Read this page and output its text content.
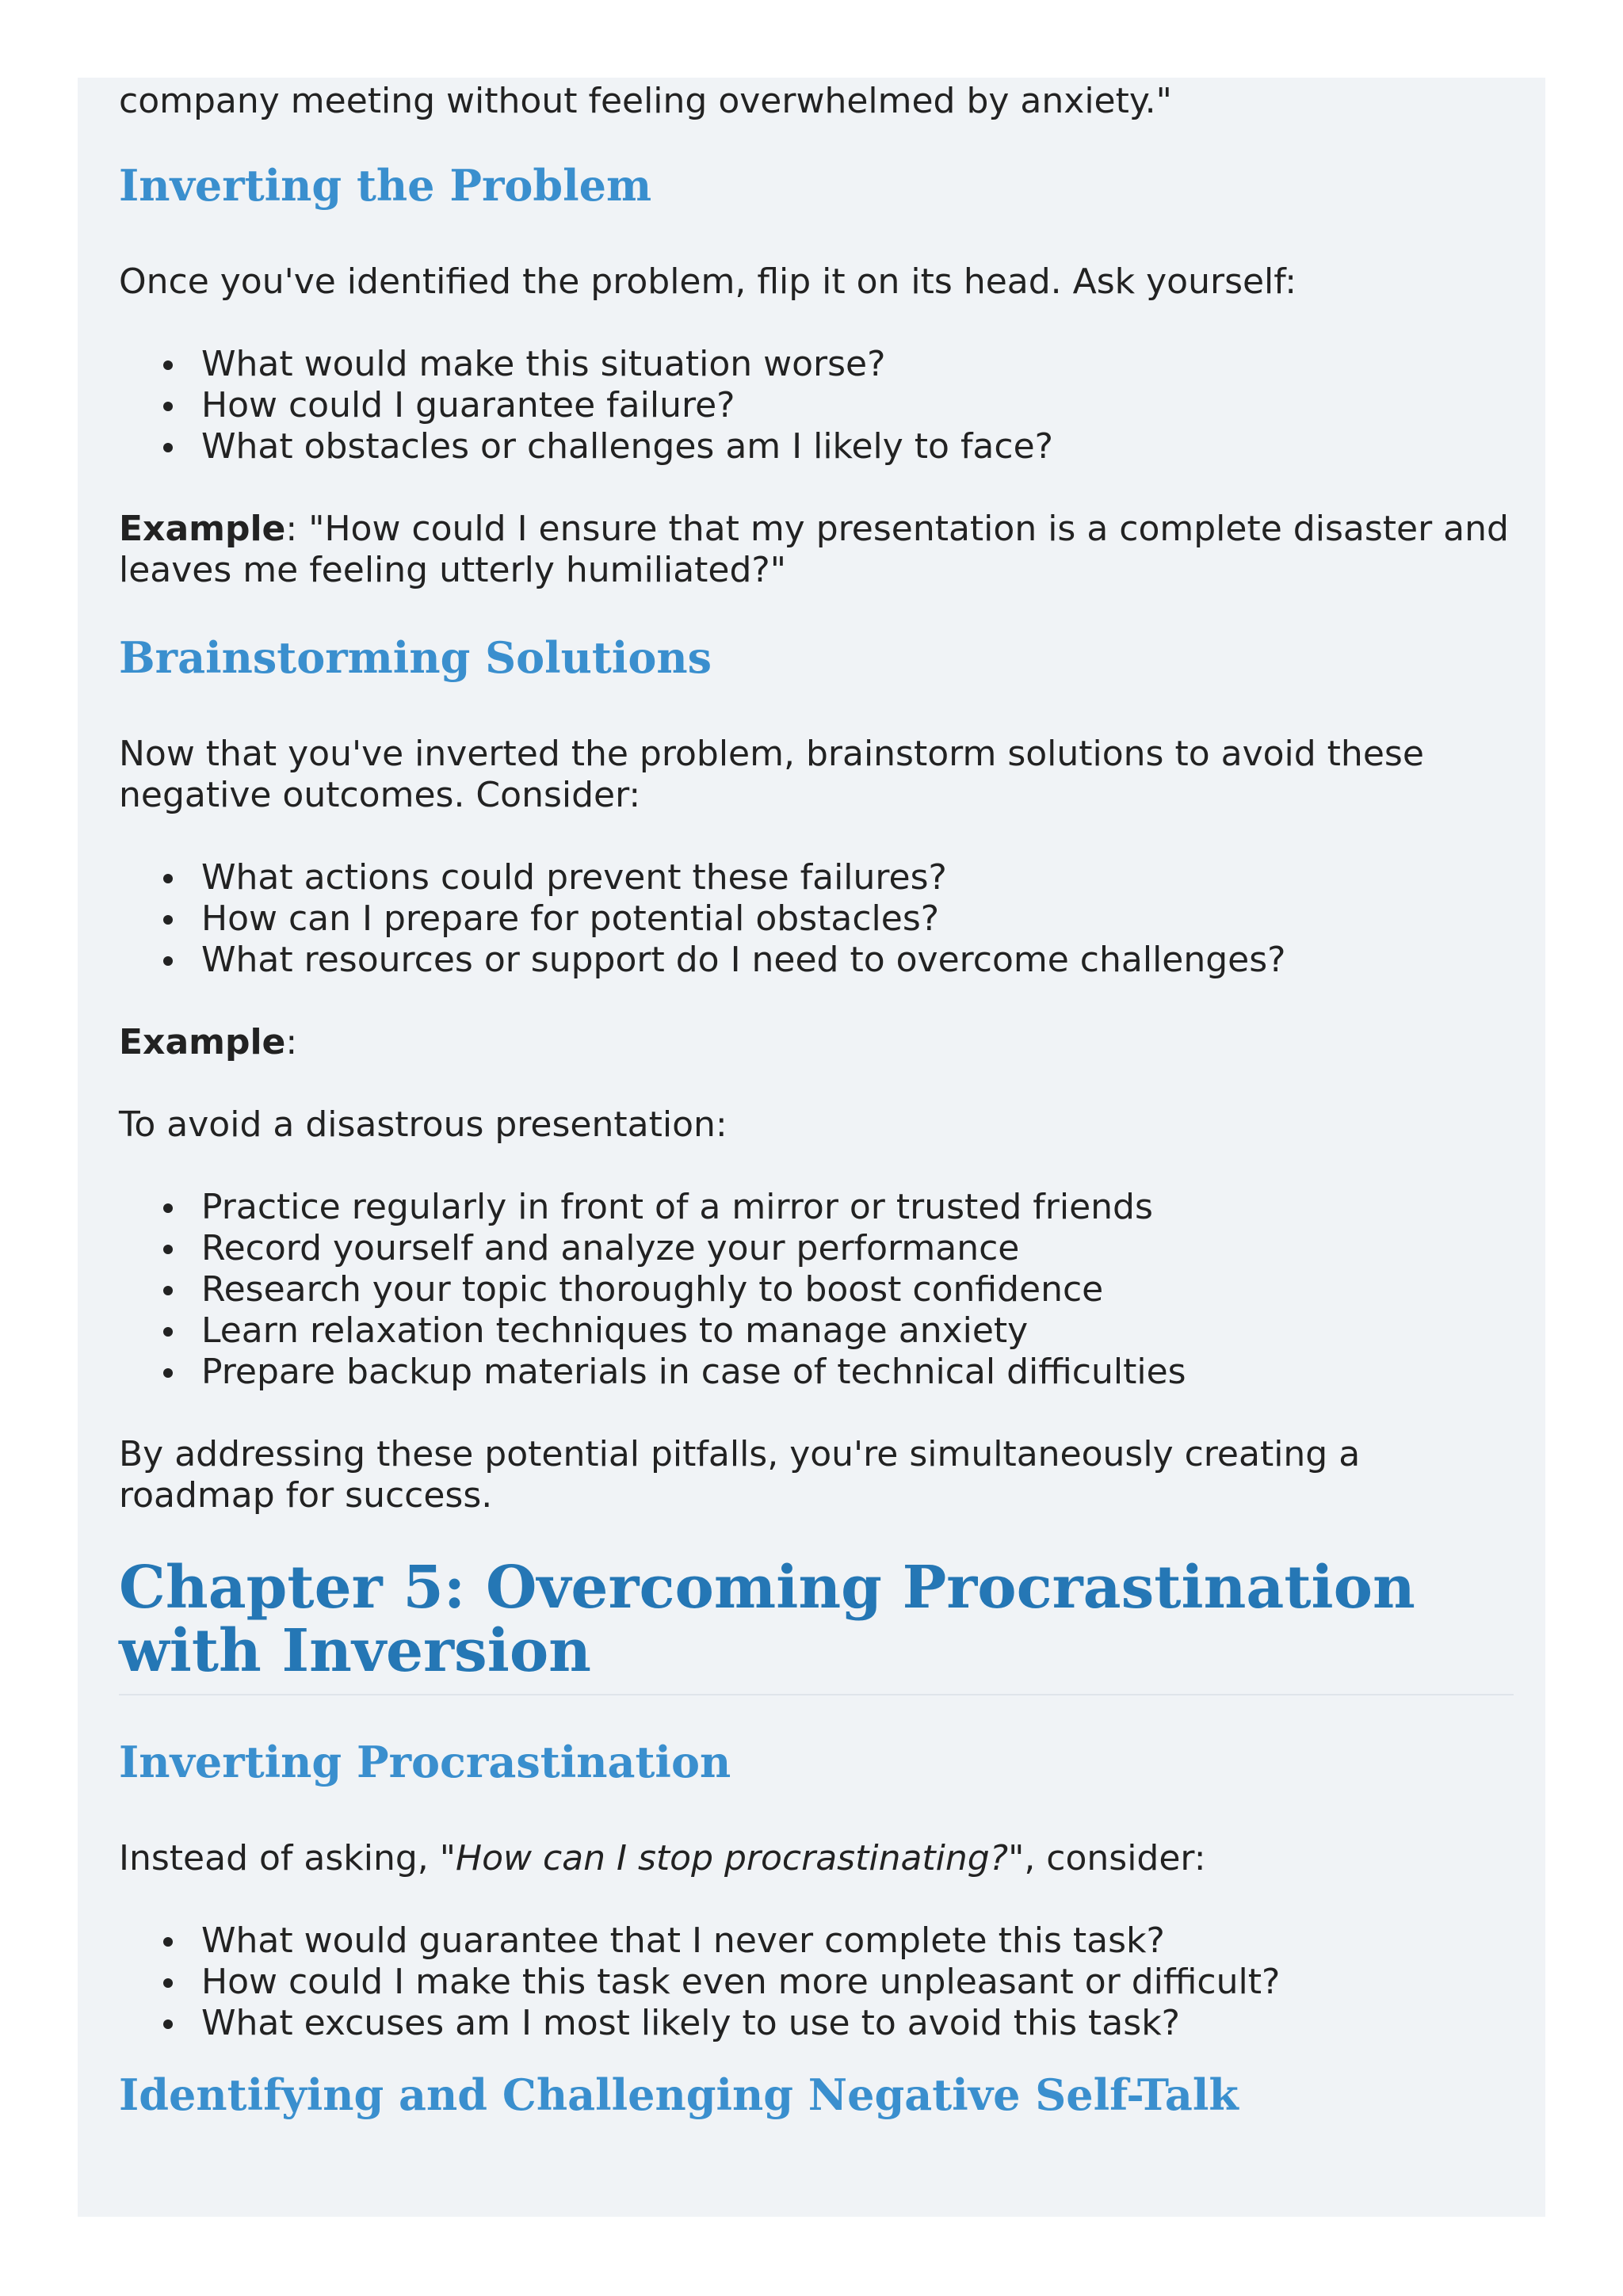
company meeting without feeling overwhelmed by anxiety."

Inverting the Problem

Once you've identified the problem, flip it on its head. Ask yourself:

What would make this situation worse?
How could I guarantee failure?
What obstacles or challenges am I likely to face?

Example: "How could I ensure that my presentation is a complete disaster and leaves me feeling utterly humiliated?"

Brainstorming Solutions

Now that you've inverted the problem, brainstorm solutions to avoid these negative outcomes. Consider:

What actions could prevent these failures?
How can I prepare for potential obstacles?
What resources or support do I need to overcome challenges?

Example:

To avoid a disastrous presentation:

Practice regularly in front of a mirror or trusted friends
Record yourself and analyze your performance
Research your topic thoroughly to boost confidence
Learn relaxation techniques to manage anxiety
Prepare backup materials in case of technical difficulties

By addressing these potential pitfalls, you're simultaneously creating a roadmap for success.

Chapter 5: Overcoming Procrastination with Inversion
Inverting Procrastination

Instead of asking, "How can I stop procrastinating?", consider:

What would guarantee that I never complete this task?
How could I make this task even more unpleasant or difficult?
What excuses am I most likely to use to avoid this task?
Identifying and Challenging Negative Self-Talk
